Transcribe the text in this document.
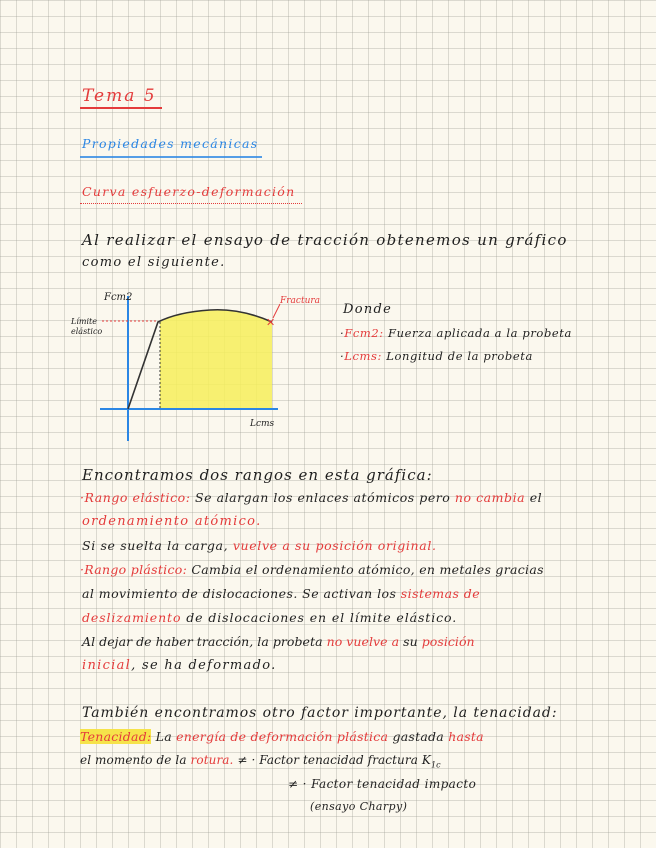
Tema 5
Propiedades mecánicas
Curva esfuerzo-deformación
Al realizar el ensayo de tracción obtenemos un gráfico
como el siguiente.
✕
Fcm2
Lcms
Límite
elástico
Fractura
Donde
·Fcm2: Fuerza aplicada a la probeta
·Lcms: Longitud de la probeta
Encontramos dos rangos en esta gráfica:
·Rango elástico: Se alargan los enlaces atómicos pero no cambia el
ordenamiento atómico.
Si se suelta la carga, vuelve a su posición original.
·Rango plástico: Cambia el ordenamiento atómico, en metales gracias
al movimiento de dislocaciones. Se activan los sistemas de
deslizamiento de dislocaciones en el límite elástico.
Al dejar de haber tracción, la probeta no vuelve a su posición
inicial, se ha deformado.
También encontramos otro factor importante, la tenacidad:
Tenacidad: La energía de deformación plástica gastada hasta
el momento de la rotura. ≠ · Factor tenacidad fractura $K_{1c}$
≠ · Factor tenacidad impacto
(ensayo Charpy)
